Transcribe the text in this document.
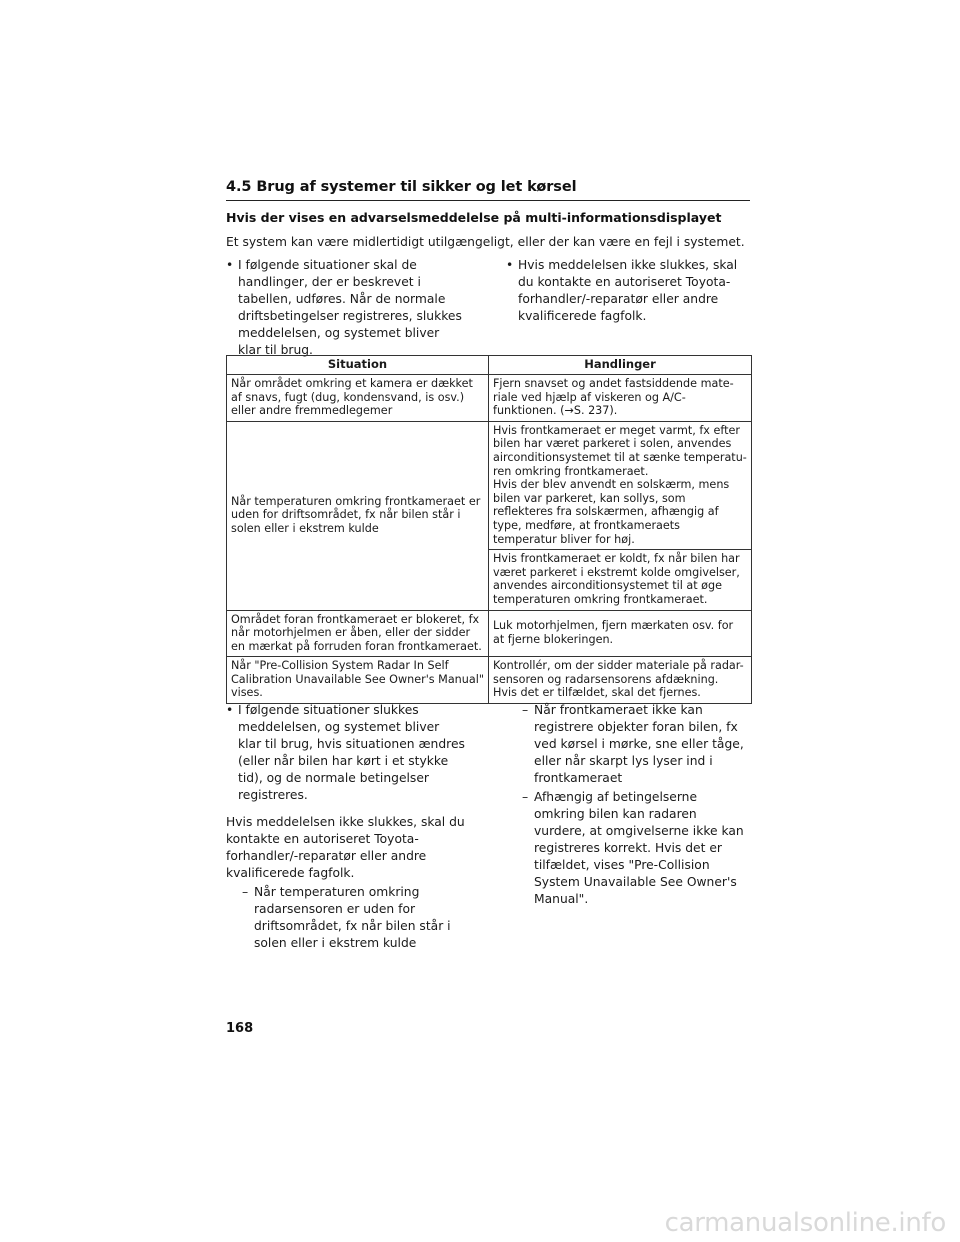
4.5 Brug af systemer til sikker og let kørsel
Hvis der vises en advarselsmeddelelse på multi-informationsdisplayet
Et system kan være midlertidigt utilgængeligt, eller der kan være en fejl i systemet.
• I følgende situationer skal de handlinger, der er beskrevet i tabellen, udføres. Når de normale driftsbetingelser registreres, slukkes meddelelsen, og systemet bliver klar til brug.
• Hvis meddelelsen ikke slukkes, skal du kontakte en autoriseret Toyota-forhandler/-reparatør eller andre kvalificerede fagfolk.
Situation	Handlinger
Når området omkring et kamera er dækket af snavs, fugt (dug, kondensvand, is osv.) eller andre fremmedlegemer	Fjern snavset og andet fastsiddende mate-riale ved hjælp af viskeren og A/C-funktionen. (→S. 237).
Når temperaturen omkring frontkameraet er uden for driftsområdet, fx når bilen står i solen eller i ekstrem kulde	Hvis frontkameraet er meget varmt, fx efter bilen har været parkeret i solen, anvendes airconditionsystemet til at sænke temperatu-ren omkring frontkameraet.
Hvis der blev anvendt en solskærm, mens bilen var parkeret, kan sollys, som reflekteres fra solskærmen, afhængig af type, medføre, at frontkameraets temperatur bliver for høj.
	Hvis frontkameraet er koldt, fx når bilen har været parkeret i ekstremt kolde omgivelser, anvendes airconditionsystemet til at øge temperaturen omkring frontkameraet.
Området foran frontkameraet er blokeret, fx når motorhjelmen er åben, eller der sidder en mærkat på forruden foran frontkameraet.	Luk motorhjelmen, fjern mærkaten osv. for at fjerne blokeringen.
Når "Pre-Collision System Radar In Self Calibration Unavailable See Owner's Manual" vises.	Kontrollér, om der sidder materiale på radar-sensoren og radarsensorens afdækning.
Hvis det er tilfældet, skal det fjernes.
• I følgende situationer slukkes meddelelsen, og systemet bliver klar til brug, hvis situationen ændres (eller når bilen har kørt i et stykke tid), og de normale betingelser registreres.
Hvis meddelelsen ikke slukkes, skal du kontakte en autoriseret Toyota-forhandler/-reparatør eller andre kvalificerede fagfolk.
– Når temperaturen omkring radarsensoren er uden for driftsområdet, fx når bilen står i solen eller i ekstrem kulde
– Når frontkameraet ikke kan registrere objekter foran bilen, fx ved kørsel i mørke, sne eller tåge, eller når skarpt lys lyser ind i frontkameraet
– Afhængig af betingelserne omkring bilen kan radaren vurdere, at omgivelserne ikke kan registreres korrekt. Hvis det er tilfældet, vises "Pre-Collision System Unavailable See Owner's Manual".
168
carmanualsonline.info
